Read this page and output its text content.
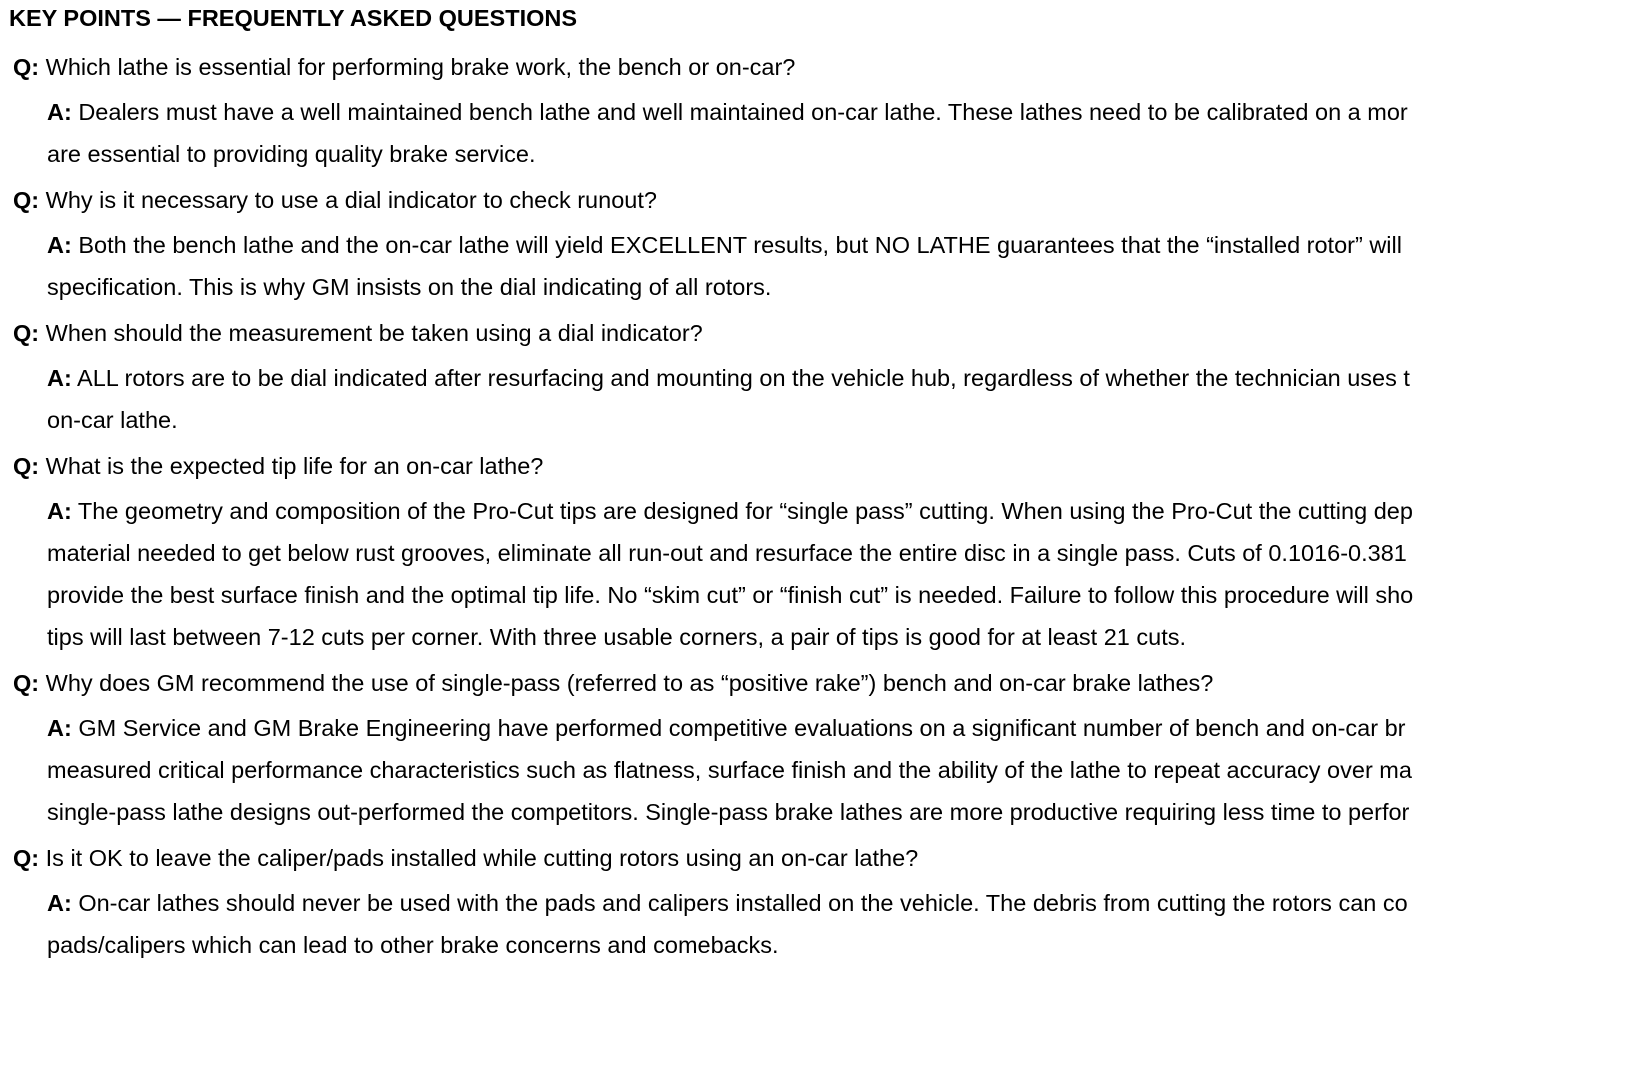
KEY POINTS — FREQUENTLY ASKED QUESTIONS

Q: Which lathe is essential for performing brake work, the bench or on-car?

A: Dealers must have a well maintained bench lathe and well maintained on-car lathe. These lathes need to be calibrated on a mor
are essential to providing quality brake service.

Q: Why is it necessary to use a dial indicator to check runout?

A: Both the bench lathe and the on-car lathe will yield EXCELLENT results, but NO LATHE guarantees that the “installed rotor” will
specification. This is why GM insists on the dial indicating of all rotors.

Q: When should the measurement be taken using a dial indicator?

A: ALL rotors are to be dial indicated after resurfacing and mounting on the vehicle hub, regardless of whether the technician uses t
on-car lathe.

Q: What is the expected tip life for an on-car lathe?

A: The geometry and composition of the Pro-Cut tips are designed for “single pass” cutting. When using the Pro-Cut the cutting dep
material needed to get below rust grooves, eliminate all run-out and resurface the entire disc in a single pass. Cuts of 0.1016-0.381
provide the best surface finish and the optimal tip life. No “skim cut” or “finish cut” is needed. Failure to follow this procedure will sho
tips will last between 7-12 cuts per corner. With three usable corners, a pair of tips is good for at least 21 cuts.

Q: Why does GM recommend the use of single-pass (referred to as “positive rake”) bench and on-car brake lathes?

A: GM Service and GM Brake Engineering have performed competitive evaluations on a significant number of bench and on-car br
measured critical performance characteristics such as flatness, surface finish and the ability of the lathe to repeat accuracy over ma
single-pass lathe designs out-performed the competitors. Single-pass brake lathes are more productive requiring less time to perfor

Q: Is it OK to leave the caliper/pads installed while cutting rotors using an on-car lathe?

A: On-car lathes should never be used with the pads and calipers installed on the vehicle. The debris from cutting the rotors can co
pads/calipers which can lead to other brake concerns and comebacks.
